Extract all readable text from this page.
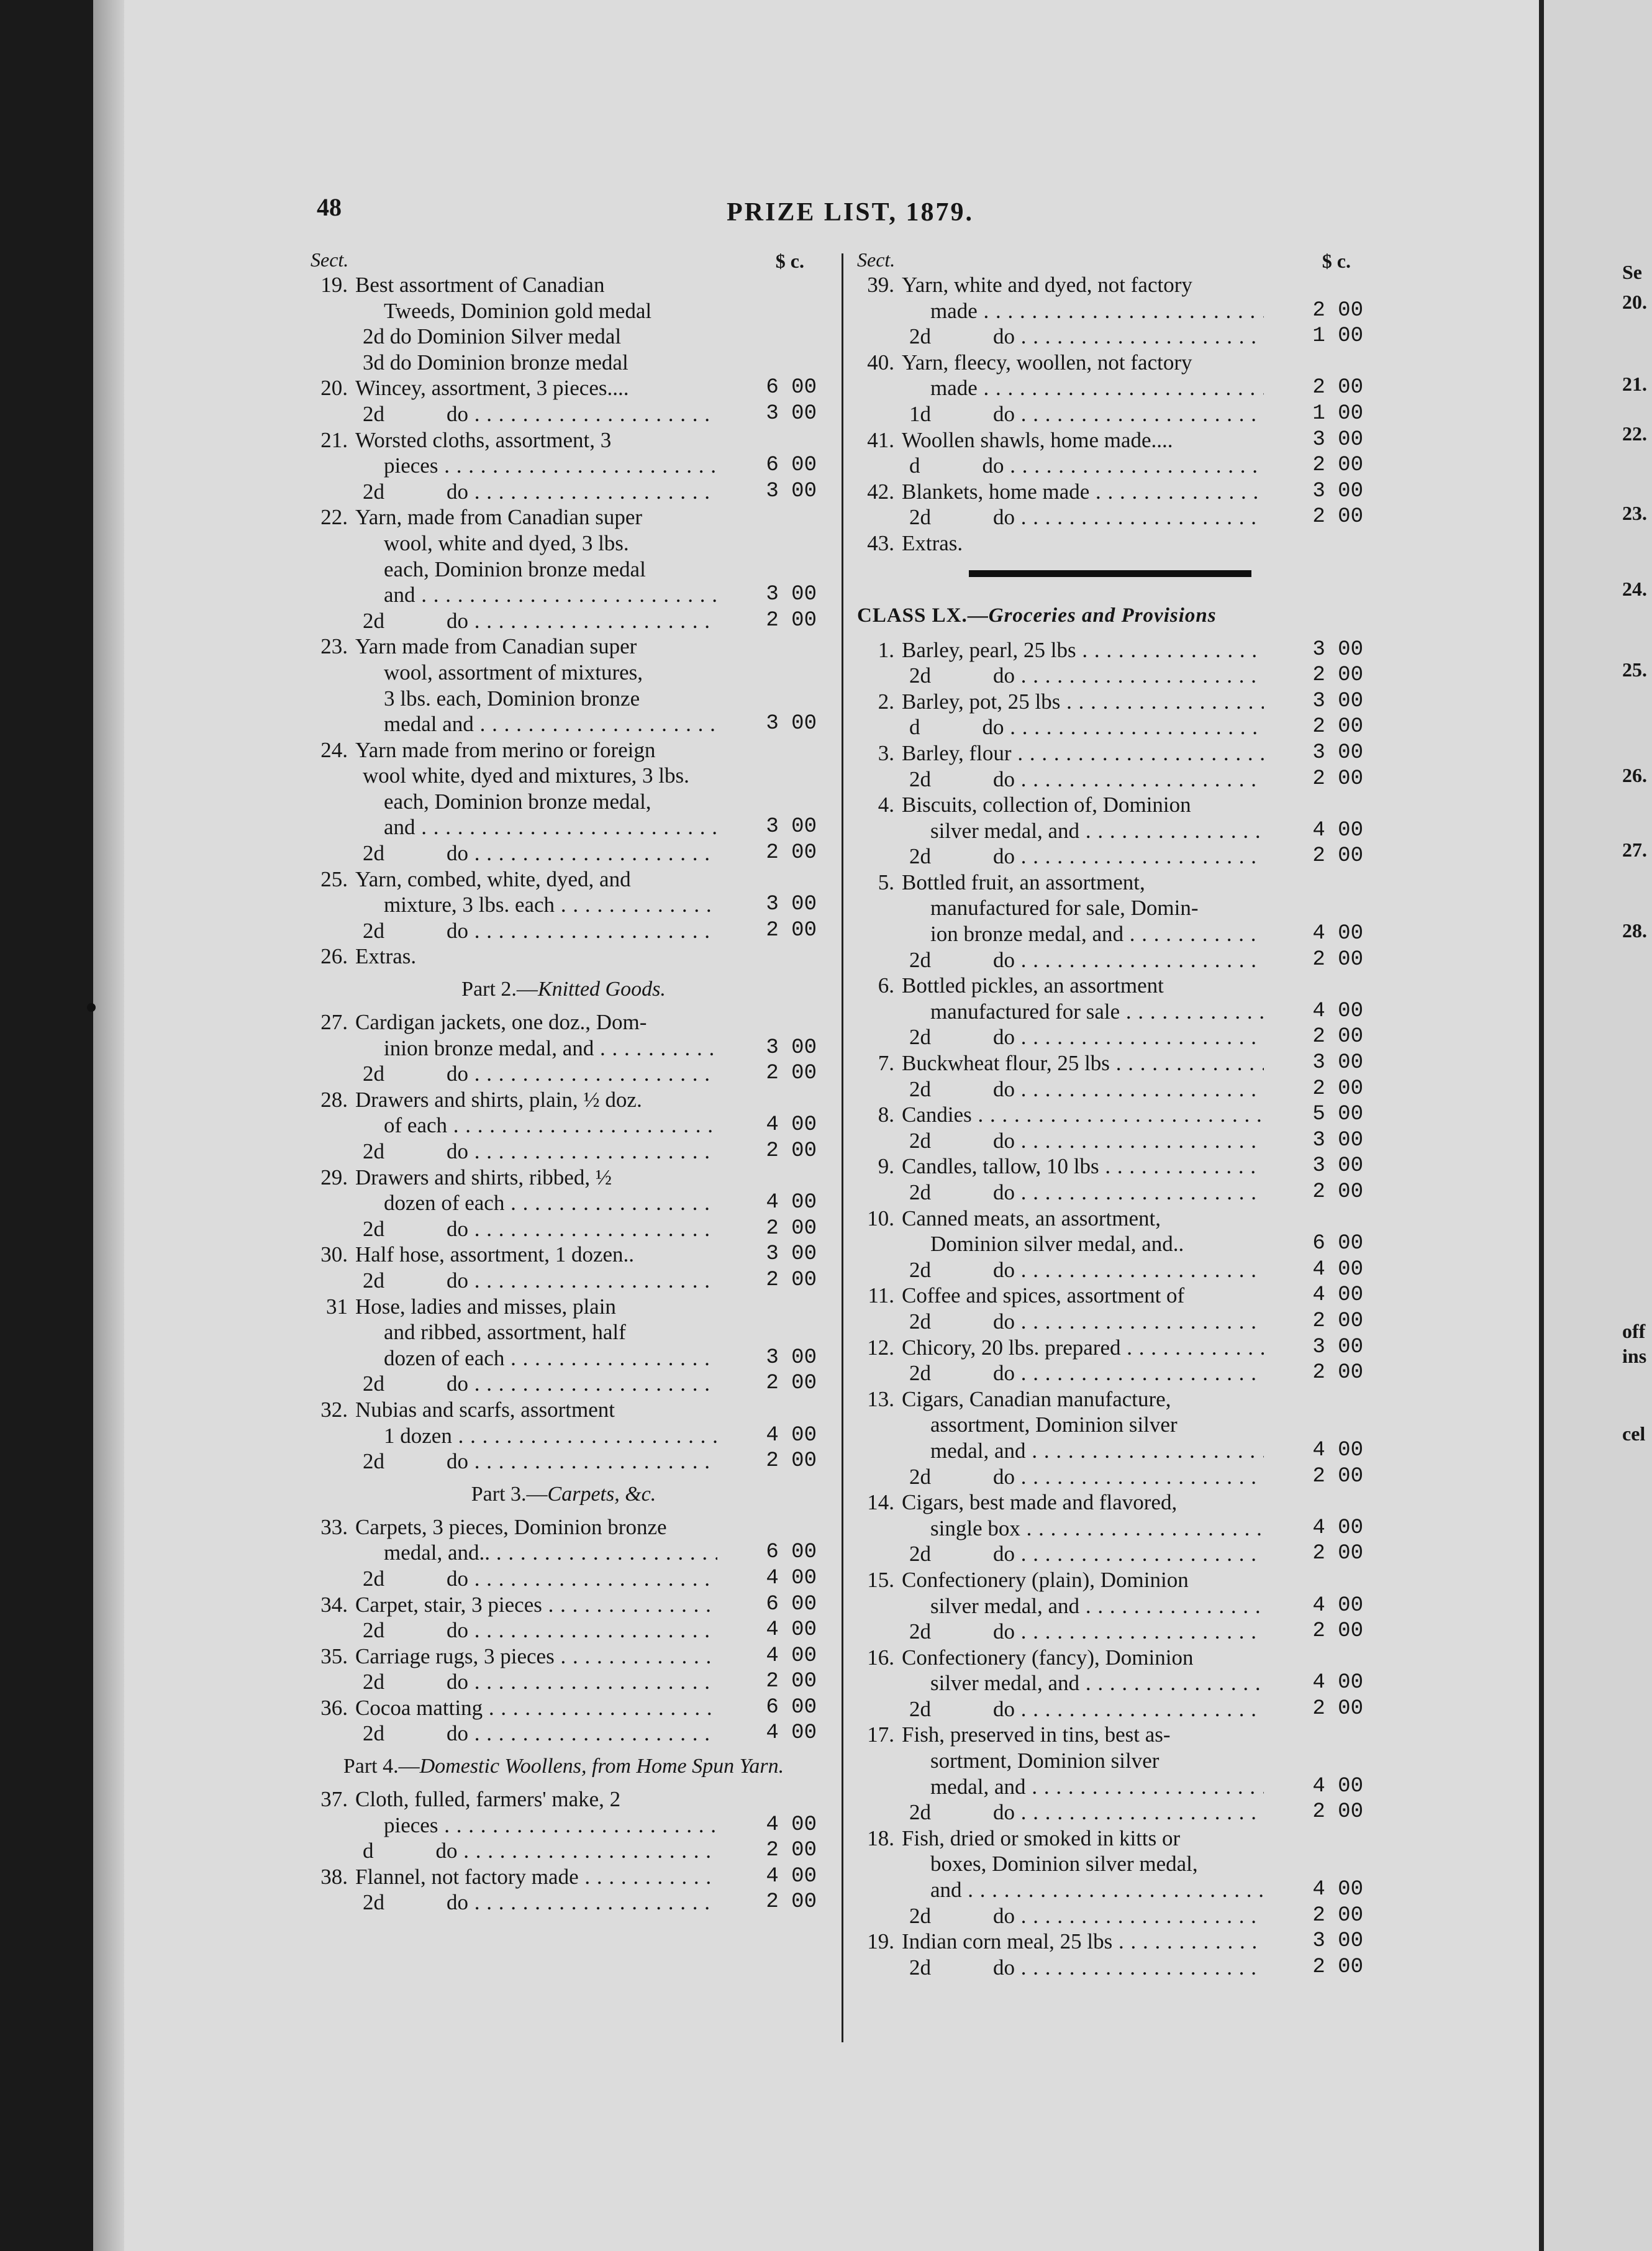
Se
20.
21.
22.
23.
24.
25.
26.
27.
28.
off
ins
cel
48	PRIZE LIST, 1879.
Sect.	$ c.
19. Best assortment of Canadian
Tweeds, Dominion gold medal
2d do Dominion Silver medal
3d do Dominion bronze medal
20. Wincey, assortment, 3 pieces....	6 00
2d	do . . .	3 00
21. Worsted cloths, assortment, 3
pieces . . .	6 00
2d	do . . .	3 00
22. Yarn, made from Canadian super
wool, white and dyed, 3 lbs.
each, Dominion bronze medal
and . . .	3 00
2d	do . . .	2 00
23. Yarn made from Canadian super
wool, assortment of mixtures,
3 lbs. each, Dominion bronze
medal and . . .	3 00
24. Yarn made from merino or foreign
wool white, dyed and mixtures, 3 lbs.
each, Dominion bronze medal,
and . . .	3 00
2d	do . . .	2 00
25. Yarn, combed, white, dyed, and
mixture, 3 lbs. each . . .	3 00
2d	do . . .	2 00
26. Extras.
Part 2.—Knitted Goods.
27. Cardigan jackets, one doz., Dom-
inion bronze medal, and . . .	3 00
2d	do . . .	2 00
28. Drawers and shirts, plain, ½ doz.
of each . . .	4 00
2d	do . . .	2 00
29. Drawers and shirts, ribbed, ½
dozen of each . . .	4 00
2d	do . . .	2 00
30. Half hose, assortment, 1 dozen..	3 00
2d	do . . .	2 00
31 Hose, ladies and misses, plain
and ribbed, assortment, half
dozen of each . . .	3 00
2d	do . . .	2 00
32. Nubias and scarfs, assortment
1 dozen . . .	4 00
2d	do . . .	2 00
Part 3.—Carpets, &c.
33. Carpets, 3 pieces, Dominion bronze
medal, and.. . . .	6 00
2d	do . . .	4 00
34. Carpet, stair, 3 pieces . . .	6 00
2d	do . . .	4 00
35. Carriage rugs, 3 pieces . . .	4 00
2d	do . . .	2 00
36. Cocoa matting . . .	6 00
2d	do . . .	4 00
Part 4.—Domestic Woollens, from Home Spun Yarn.
37. Cloth, fulled, farmers' make, 2
pieces . . .	4 00
d	do . . .	2 00
38. Flannel, not factory made . . .	4 00
2d	do . . .	2 00
Sect.	$ c.
39. Yarn, white and dyed, not factory
made . . .	2 00
2d	do . . .	1 00
40. Yarn, fleecy, woollen, not factory
made . . .	2 00
1d	do . . .	1 00
41. Woollen shawls, home made....	3 00
d	do . . .	2 00
42. Blankets, home made . . .	3 00
2d	do . . .	2 00
43. Extras.
CLASS LX.—Groceries and Provisions
1. Barley, pearl, 25 lbs . . .	3 00
2d	do . . .	2 00
2. Barley, pot, 25 lbs . . .	3 00
d	do . . .	2 00
3. Barley, flour . . .	3 00
2d	do . . .	2 00
4. Biscuits, collection of, Dominion
silver medal, and . . .	4 00
2d	do . . .	2 00
5. Bottled fruit, an assortment,
manufactured for sale, Domin-
ion bronze medal, and . . .	4 00
2d	do . . .	2 00
6. Bottled pickles, an assortment
manufactured for sale . . .	4 00
2d	do . . .	2 00
7. Buckwheat flour, 25 lbs . . .	3 00
2d	do . . .	2 00
8. Candies . . .	5 00
2d	do . . .	3 00
9. Candles, tallow, 10 lbs . . .	3 00
2d	do . . .	2 00
10. Canned meats, an assortment,
Dominion silver medal, and..	6 00
2d	do . . .	4 00
11. Coffee and spices, assortment of	4 00
2d	do . . .	2 00
12. Chicory, 20 lbs. prepared . . .	3 00
2d	do . . .	2 00
13. Cigars, Canadian manufacture,
assortment, Dominion silver
medal, and . . .	4 00
2d	do . . .	2 00
14. Cigars, best made and flavored,
single box . . .	4 00
2d	do . . .	2 00
15. Confectionery (plain), Dominion
silver medal, and . . .	4 00
2d	do . . .	2 00
16. Confectionery (fancy), Dominion
silver medal, and . . .	4 00
2d	do . . .	2 00
17. Fish, preserved in tins, best as-
sortment, Dominion silver
medal, and . . .	4 00
2d	do . . .	2 00
18. Fish, dried or smoked in kitts or
boxes, Dominion silver medal,
and . . .	4 00
2d	do . . .	2 00
19. Indian corn meal, 25 lbs . . .	3 00
2d	do . . .	2 00
